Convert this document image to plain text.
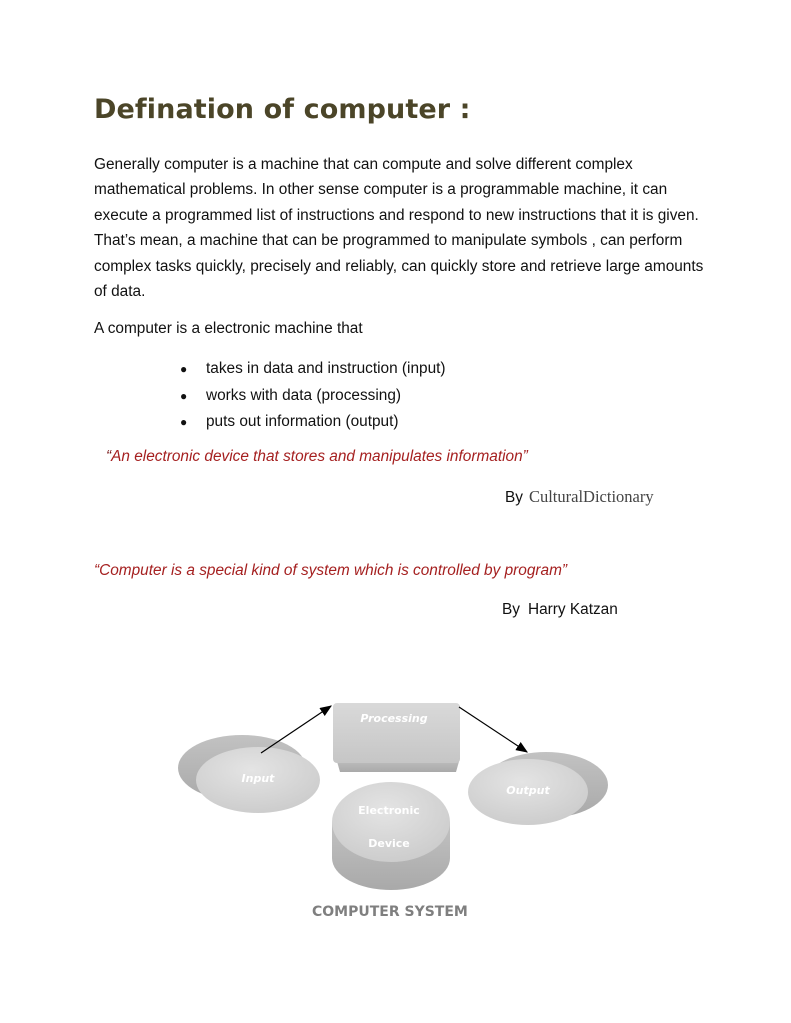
Defination of computer :

Generally computer is a machine that can compute and solve different complex mathematical problems. In other sense computer is a programmable machine, it can execute a programmed list of instructions and respond to new instructions that it is given. That’s mean, a machine that can be programmed to manipulate symbols , can perform complex tasks quickly, precisely and reliably, can quickly store and retrieve large amounts of data.

A computer is a electronic machine that

●	takes in data and instruction (input)
●	works with data (processing)
●	puts out information (output)

“An electronic device that stores and manipulates information”

By CulturalDictionary

“Computer is a special kind of system which is controlled by program”

By Harry Katzan
Processing
Input
Output
Electronic
Device
COMPUTER SYSTEM
